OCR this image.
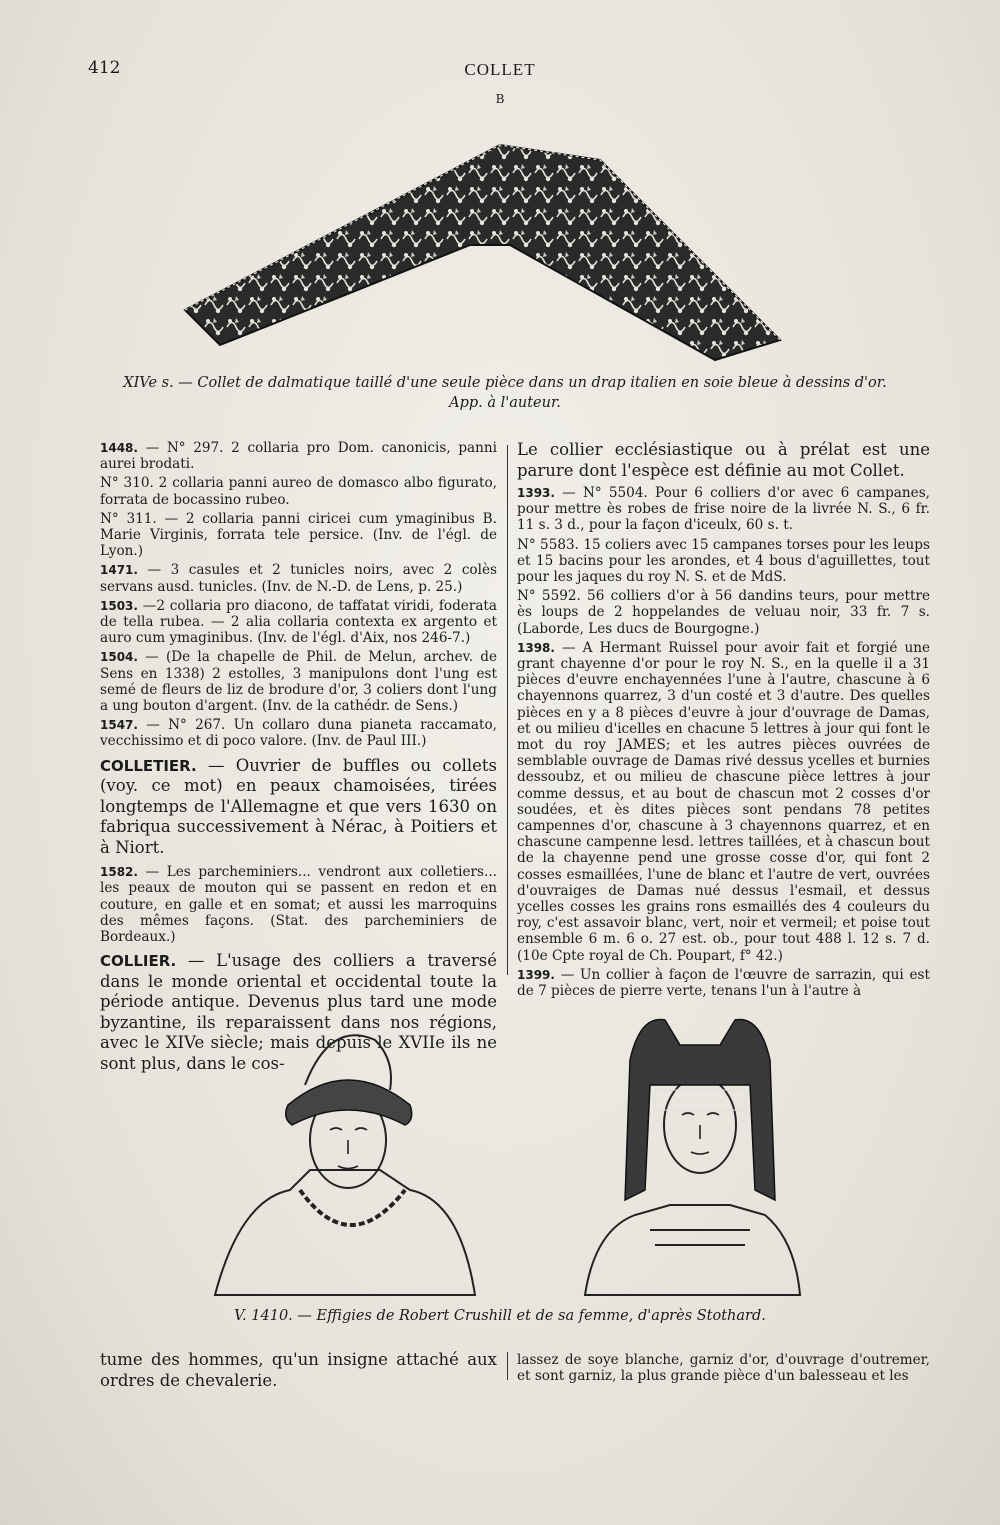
412	COLLET
B
XIVe s. — Collet de dalmatique taillé d'une seule pièce dans un drap italien en soie bleue à dessins d'or.
App. à l'auteur.

1448. — N° 297. 2 collaria pro Dom. canonicis, panni aurei brodati.

N° 310. 2 collaria panni aureo de domasco albo figurato, forrata de bocassino rubeo.

N° 311. — 2 collaria panni ciricei cum ymaginibus B. Marie Virginis, forrata tele persice. (Inv. de l'égl. de Lyon.)

1471. — 3 casules et 2 tunicles noirs, avec 2 colès servans ausd. tunicles. (Inv. de N.-D. de Lens, p. 25.)

1503. —2 collaria pro diacono, de taffatat viridi, foderata de tella rubea. — 2 alia collaria contexta ex argento et auro cum ymaginibus. (Inv. de l'égl. d'Aix, nos 246-7.)

1504. — (De la chapelle de Phil. de Melun, archev. de Sens en 1338) 2 estolles, 3 manipulons dont l'ung est semé de fleurs de liz de brodure d'or, 3 coliers dont l'ung a ung bouton d'argent. (Inv. de la cathédr. de Sens.)

1547. — N° 267. Un collaro duna pianeta raccamato, vecchissimo et di poco valore. (Inv. de Paul III.)

COLLETIER. — Ouvrier de buffles ou collets (voy. ce mot) en peaux chamoisées, tirées longtemps de l'Allemagne et que vers 1630 on fabriqua successivement à Nérac, à Poitiers et à Niort.

1582. — Les parcheminiers... vendront aux colletiers... les peaux de mouton qui se passent en redon et en couture, en galle et en somat; et aussi les marroquins des mêmes façons. (Stat. des parcheminiers de Bordeaux.)

COLLIER. — L'usage des colliers a traversé dans le monde oriental et occidental toute la période antique. Devenus plus tard une mode byzantine, ils reparaissent dans nos régions, avec le XIVe siècle; mais depuis le XVIIe ils ne sont plus, dans le cos-

Le collier ecclésiastique ou à prélat est une parure dont l'espèce est définie au mot Collet.

1393. — N° 5504. Pour 6 colliers d'or avec 6 campanes, pour mettre ès robes de frise noire de la livrée N. S., 6 fr. 11 s. 3 d., pour la façon d'iceulx, 60 s. t.

N° 5583. 15 coliers avec 15 campanes torses pour les leups et 15 bacins pour les arondes, et 4 bous d'aguillettes, tout pour les jaques du roy N. S. et de MdS.

N° 5592. 56 colliers d'or à 56 dandins teurs, pour mettre ès loups de 2 hoppelandes de veluau noir, 33 fr. 7 s. (Laborde, Les ducs de Bourgogne.)

1398. — A Hermant Ruissel pour avoir fait et forgié une grant chayenne d'or pour le roy N. S., en la quelle il a 31 pièces d'euvre enchayennées l'une à l'autre, chascune à 6 chayennons quarrez, 3 d'un costé et 3 d'autre. Des quelles pièces en y a 8 pièces d'euvre à jour d'ouvrage de Damas, et ou milieu d'icelles en chacune 5 lettres à jour qui font le mot du roy JAMES; et les autres pièces ouvrées de semblable ouvrage de Damas rivé dessus ycelles et burnies dessoubz, et ou milieu de chascune pièce lettres à jour comme dessus, et au bout de chascun mot 2 cosses d'or soudées, et ès dites pièces sont pendans 78 petites campennes d'or, chascune à 3 chayennons quarrez, et en chascune campenne lesd. lettres taillées, et à chascun bout de la chayenne pend une grosse cosse d'or, qui font 2 cosses esmaillées, l'une de blanc et l'autre de vert, ouvrées d'ouvraiges de Damas nué dessus l'esmail, et dessus ycelles cosses les grains rons esmaillés des 4 couleurs du roy, c'est assavoir blanc, vert, noir et vermeil; et poise tout ensemble 6 m. 6 o. 27 est. ob., pour tout 488 l. 12 s. 7 d. (10e Cpte royal de Ch. Poupart, f° 42.)

1399. — Un collier à façon de l'œuvre de sarrazin, qui est de 7 pièces de pierre verte, tenans l'un à l'autre à

V. 1410. — Effigies de Robert Crushill et de sa femme, d'après Stothard.
tume des hommes, qu'un insigne attaché aux ordres de chevalerie.
lassez de soye blanche, garniz d'or, d'ouvrage d'outremer, et sont garniz, la plus grande pièce d'un balesseau et les
